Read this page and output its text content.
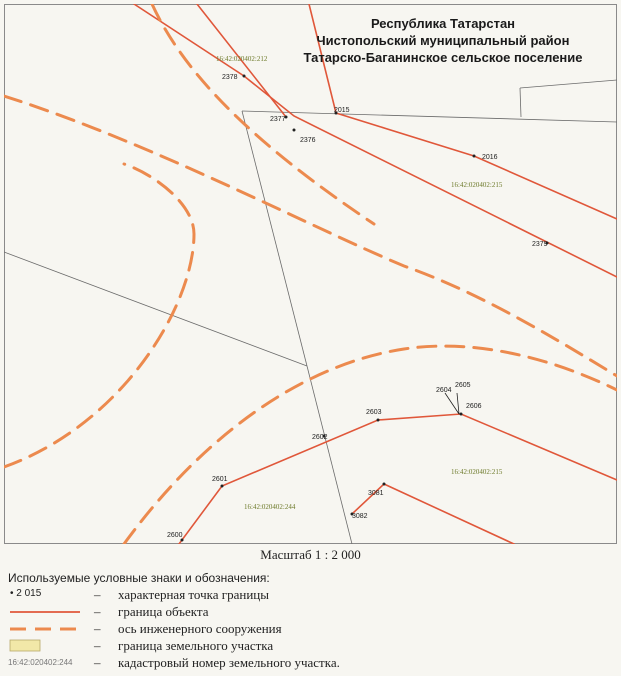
2378
2377
2376
2015
2016
2379
2601
2602
2603
2604
2605
2606
3081
3082
2600
16:42:020402:212
16:42:020402:215
16:42:020402:215
16:42:020402:244
Республика Татарстан
Чистопольский муниципальный район
Татарско-Баганинское сельское поселение
Масштаб 1 : 2 000
Используемые условные знаки и обозначения:
• 2 015	– характерная точка границы
– граница объекта
– ось инженерного сооружения
– граница земельного участка
16:42:020402:244 – кадастровый номер земельного участка.
